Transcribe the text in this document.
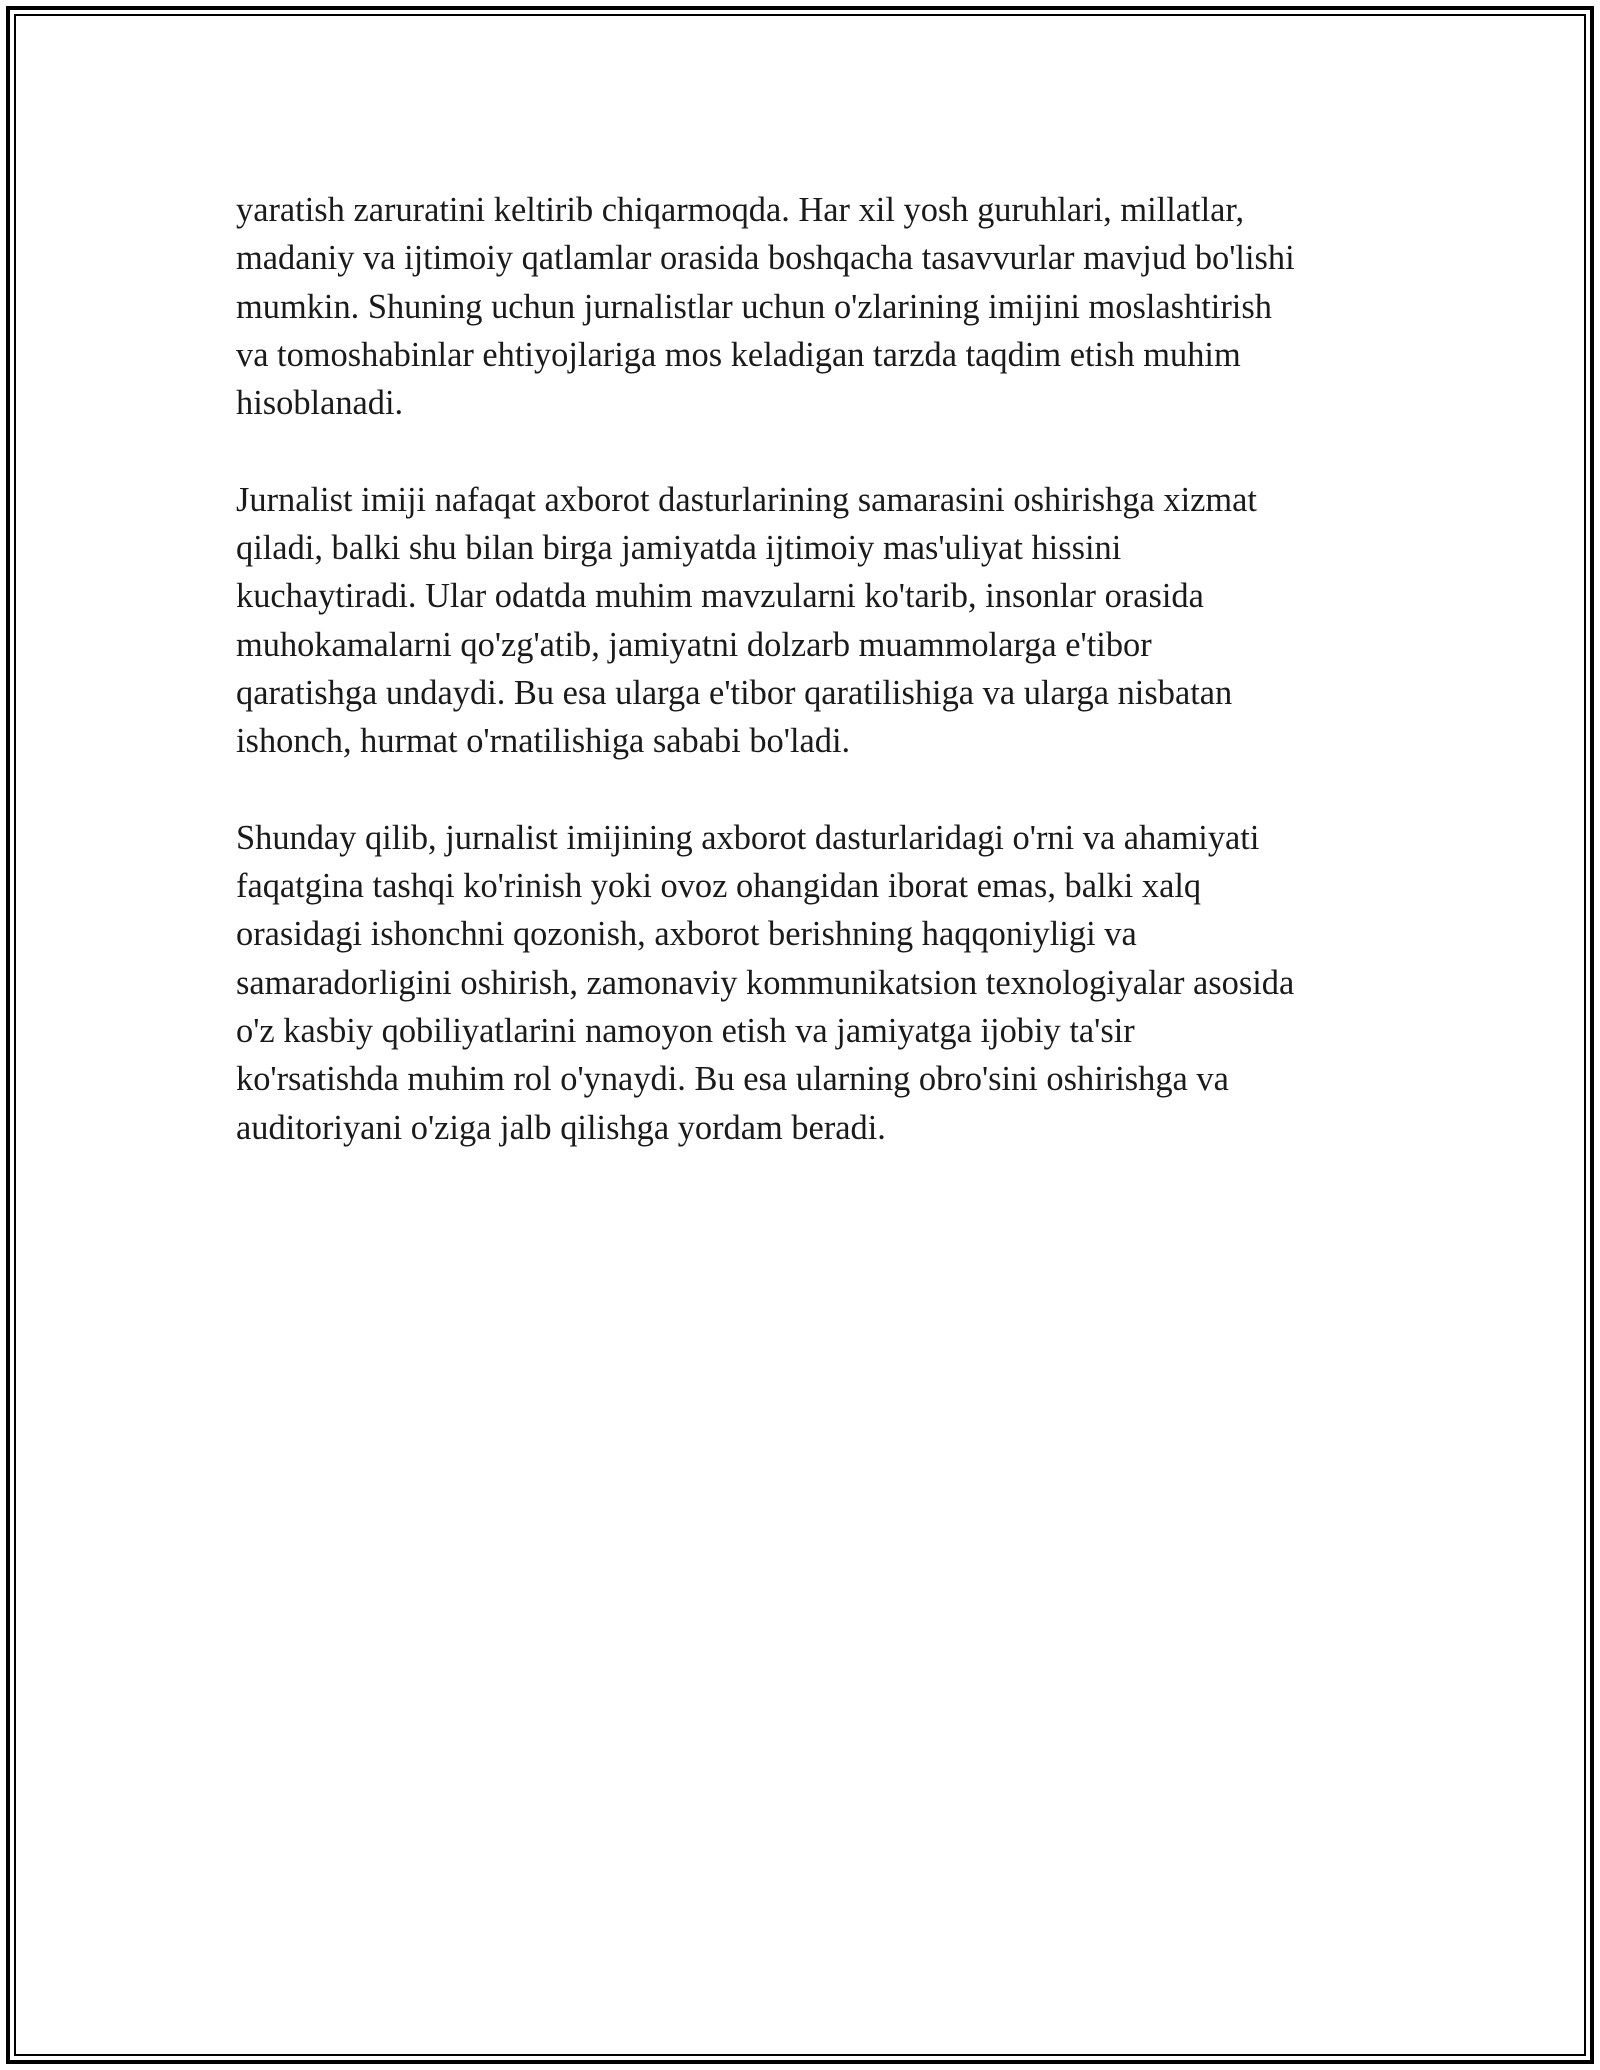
yaratish zaruratini keltirib chiqarmoqda. Har xil yosh guruhlari, millatlar,
madaniy va ijtimoiy qatlamlar orasida boshqacha tasavvurlar mavjud bo'lishi
mumkin. Shuning uchun jurnalistlar uchun o'zlarining imijini moslashtirish
va tomoshabinlar ehtiyojlariga mos keladigan tarzda taqdim etish muhim
hisoblanadi.

Jurnalist imiji nafaqat axborot dasturlarining samarasini oshirishga xizmat
qiladi, balki shu bilan birga jamiyatda ijtimoiy mas'uliyat hissini
kuchaytiradi. Ular odatda muhim mavzularni ko'tarib, insonlar orasida
muhokamalarni qo'zg'atib, jamiyatni dolzarb muammolarga e'tibor
qaratishga undaydi. Bu esa ularga e'tibor qaratilishiga va ularga nisbatan
ishonch, hurmat o'rnatilishiga sababi bo'ladi.

Shunday qilib, jurnalist imijining axborot dasturlaridagi o'rni va ahamiyati
faqatgina tashqi ko'rinish yoki ovoz ohangidan iborat emas, balki xalq
orasidagi ishonchni qozonish, axborot berishning haqqoniyligi va
samaradorligini oshirish, zamonaviy kommunikatsion texnologiyalar asosida
o'z kasbiy qobiliyatlarini namoyon etish va jamiyatga ijobiy ta'sir
ko'rsatishda muhim rol o'ynaydi. Bu esa ularning obro'sini oshirishga va
auditoriyani o'ziga jalb qilishga yordam beradi.
